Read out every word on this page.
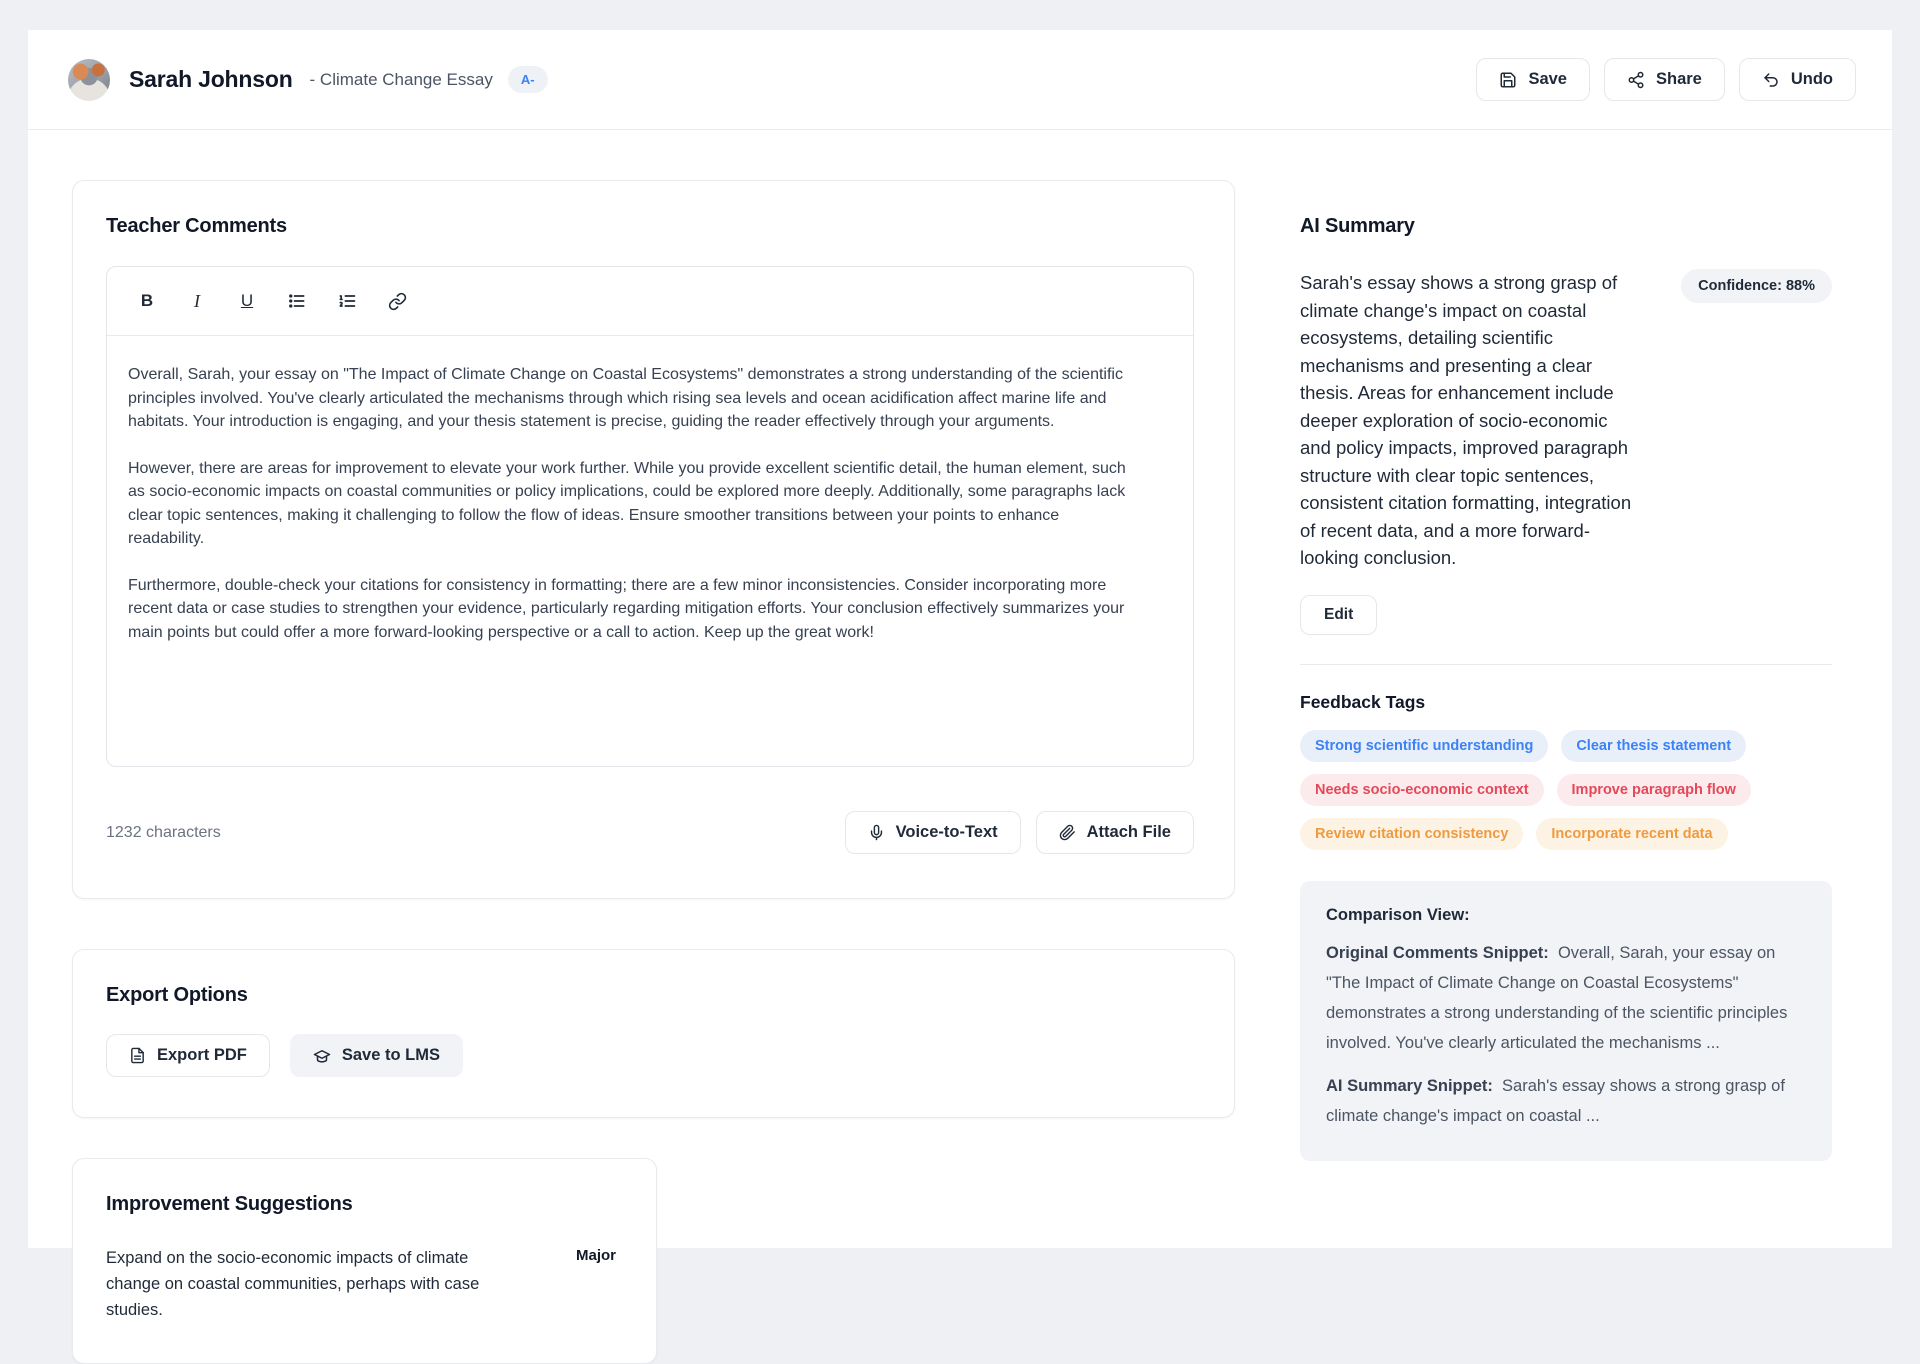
Sarah Johnson - Climate Change Essay	A-	Save	Share	Undo
Teacher Comments
B	I	U

Overall, Sarah, your essay on "The Impact of Climate Change on Coastal Ecosystems" demonstrates a strong understanding of the scientific principles involved. You've clearly articulated the mechanisms through which rising sea levels and ocean acidification affect marine life and habitats. Your introduction is engaging, and your thesis statement is precise, guiding the reader effectively through your arguments.

However, there are areas for improvement to elevate your work further. While you provide excellent scientific detail, the human element, such as socio-economic impacts on coastal communities or policy implications, could be explored more deeply. Additionally, some paragraphs lack clear topic sentences, making it challenging to follow the flow of ideas. Ensure smoother transitions between your points to enhance readability.

Furthermore, double-check your citations for consistency in formatting; there are a few minor inconsistencies. Consider incorporating more recent data or case studies to strengthen your evidence, particularly regarding mitigation efforts. Your conclusion effectively summarizes your main points but could offer a more forward-looking perspective or a call to action. Keep up the great work!

1232 characters	Voice-to-Text	Attach File
Export Options
Export PDF	Save to LMS
Improvement Suggestions
Expand on the socio-economic impacts of climate change on coastal communities, perhaps with case studies.
Major
AI Summary
Sarah's essay shows a strong grasp of climate change's impact on coastal ecosystems, detailing scientific mechanisms and presenting a clear thesis. Areas for enhancement include deeper exploration of socio-economic and policy impacts, improved paragraph structure with clear topic sentences, consistent citation formatting, integration of recent data, and a more forward-looking conclusion.
Confidence: 88%
Edit
Feedback Tags
Strong scientific understanding	Clear thesis statement
Needs socio-economic context	Improve paragraph flow
Review citation consistency	Incorporate recent data
Comparison View:

Original Comments Snippet: Overall, Sarah, your essay on "The Impact of Climate Change on Coastal Ecosystems" demonstrates a strong understanding of the scientific principles involved. You've clearly articulated the mechanisms ...

AI Summary Snippet: Sarah's essay shows a strong grasp of climate change's impact on coastal ...
